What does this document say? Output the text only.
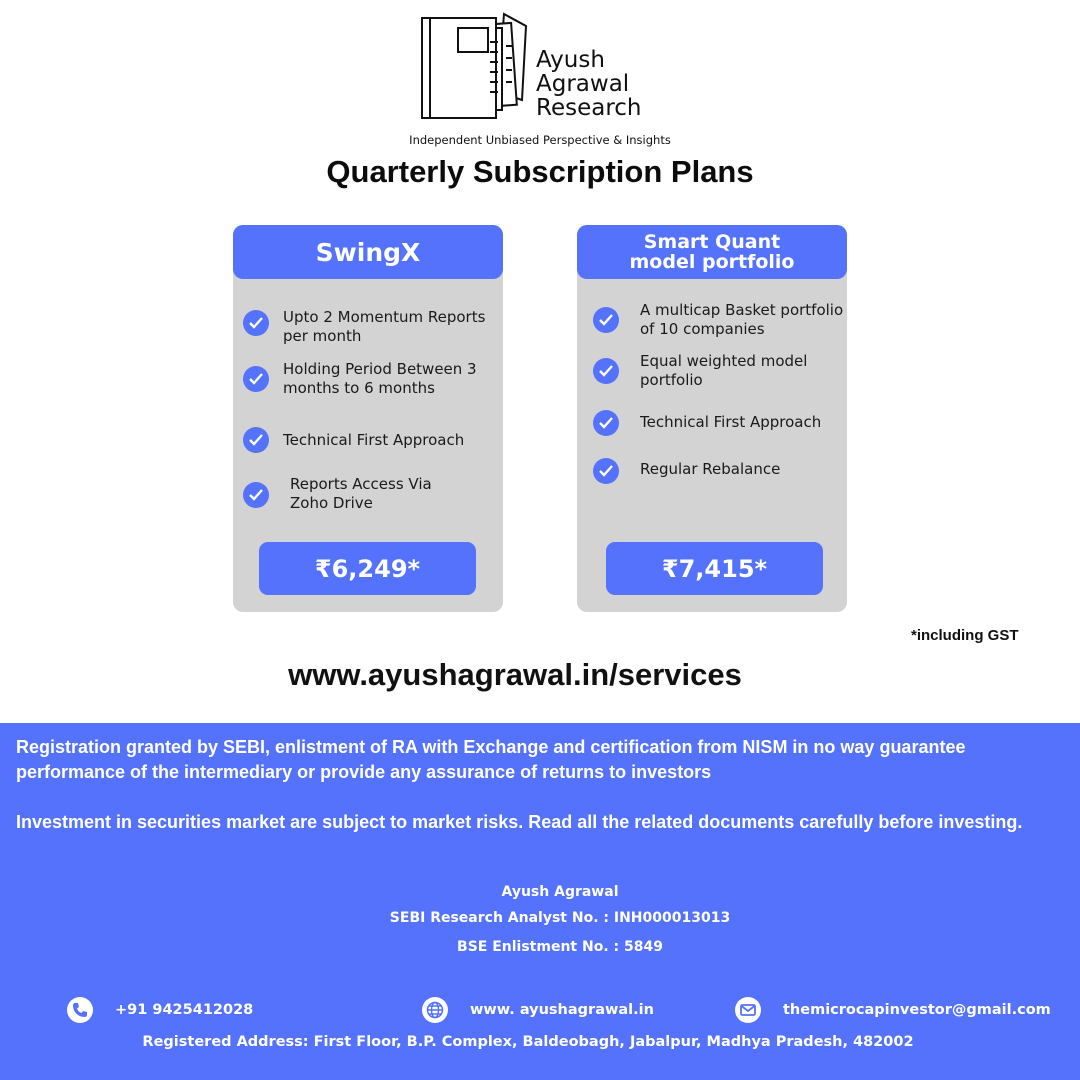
Ayush
Agrawal
Research
Independent Unbiased Perspective & Insights
Quarterly Subscription Plans
SwingX
Upto 2 Momentum Reports
per month
Holding Period Between 3
months to 6 months
Technical First Approach
Reports Access Via
Zoho Drive
₹6,249*
Smart Quant
model portfolio
A multicap Basket portfolio
of 10 companies
Equal weighted model
portfolio
Technical First Approach
Regular Rebalance
₹7,415*
*including GST
www.ayushagrawal.in/services

Registration granted by SEBI, enlistment of RA with Exchange and certification from NISM in no way guarantee performance of the intermediary or provide any assurance of returns to investors

Investment in securities market are subject to market risks. Read all the related documents carefully before investing.

Ayush Agrawal
SEBI Research Analyst No. : INH000013013
BSE Enlistment No. : 5849
+91 9425412028	www. ayushagrawal.in	themicrocapinvestor@gmail.com
Registered Address: First Floor, B.P. Complex, Baldeobagh, Jabalpur, Madhya Pradesh, 482002
